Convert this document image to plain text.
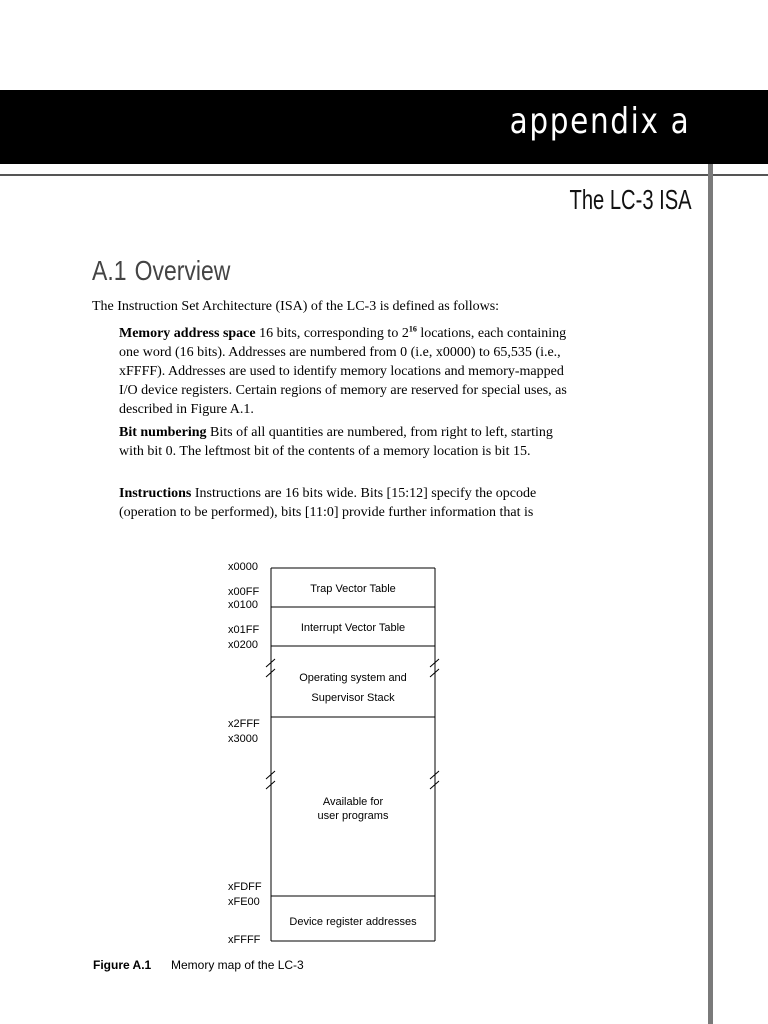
appendix a
The LC-3 ISA
A.1 Overview
The Instruction Set Architecture (ISA) of the LC-3 is defined as follows:
Memory address space 16 bits, corresponding to $2^{16}$ locations, each containing one word (16 bits). Addresses are numbered from 0 (i.e, x0000) to 65,535 (i.e., xFFFF). Addresses are used to identify memory locations and memory-mapped I/O device registers. Certain regions of memory are reserved for special uses, as described in Figure A.1.
Bit numbering Bits of all quantities are numbered, from right to left, starting with bit 0. The leftmost bit of the contents of a memory location is bit 15.
Instructions Instructions are 16 bits wide. Bits [15:12] specify the opcode (operation to be performed), bits [11:0] provide further information that is
x0000
x00FF
x0100
x01FF
x0200
x2FFF
x3000
xFDFF
xFE00
xFFFF
Trap Vector Table
Interrupt Vector Table
Operating system and
Supervisor Stack
Available for
user programs
Device register addresses
Figure A.1 Memory map of the LC-3
